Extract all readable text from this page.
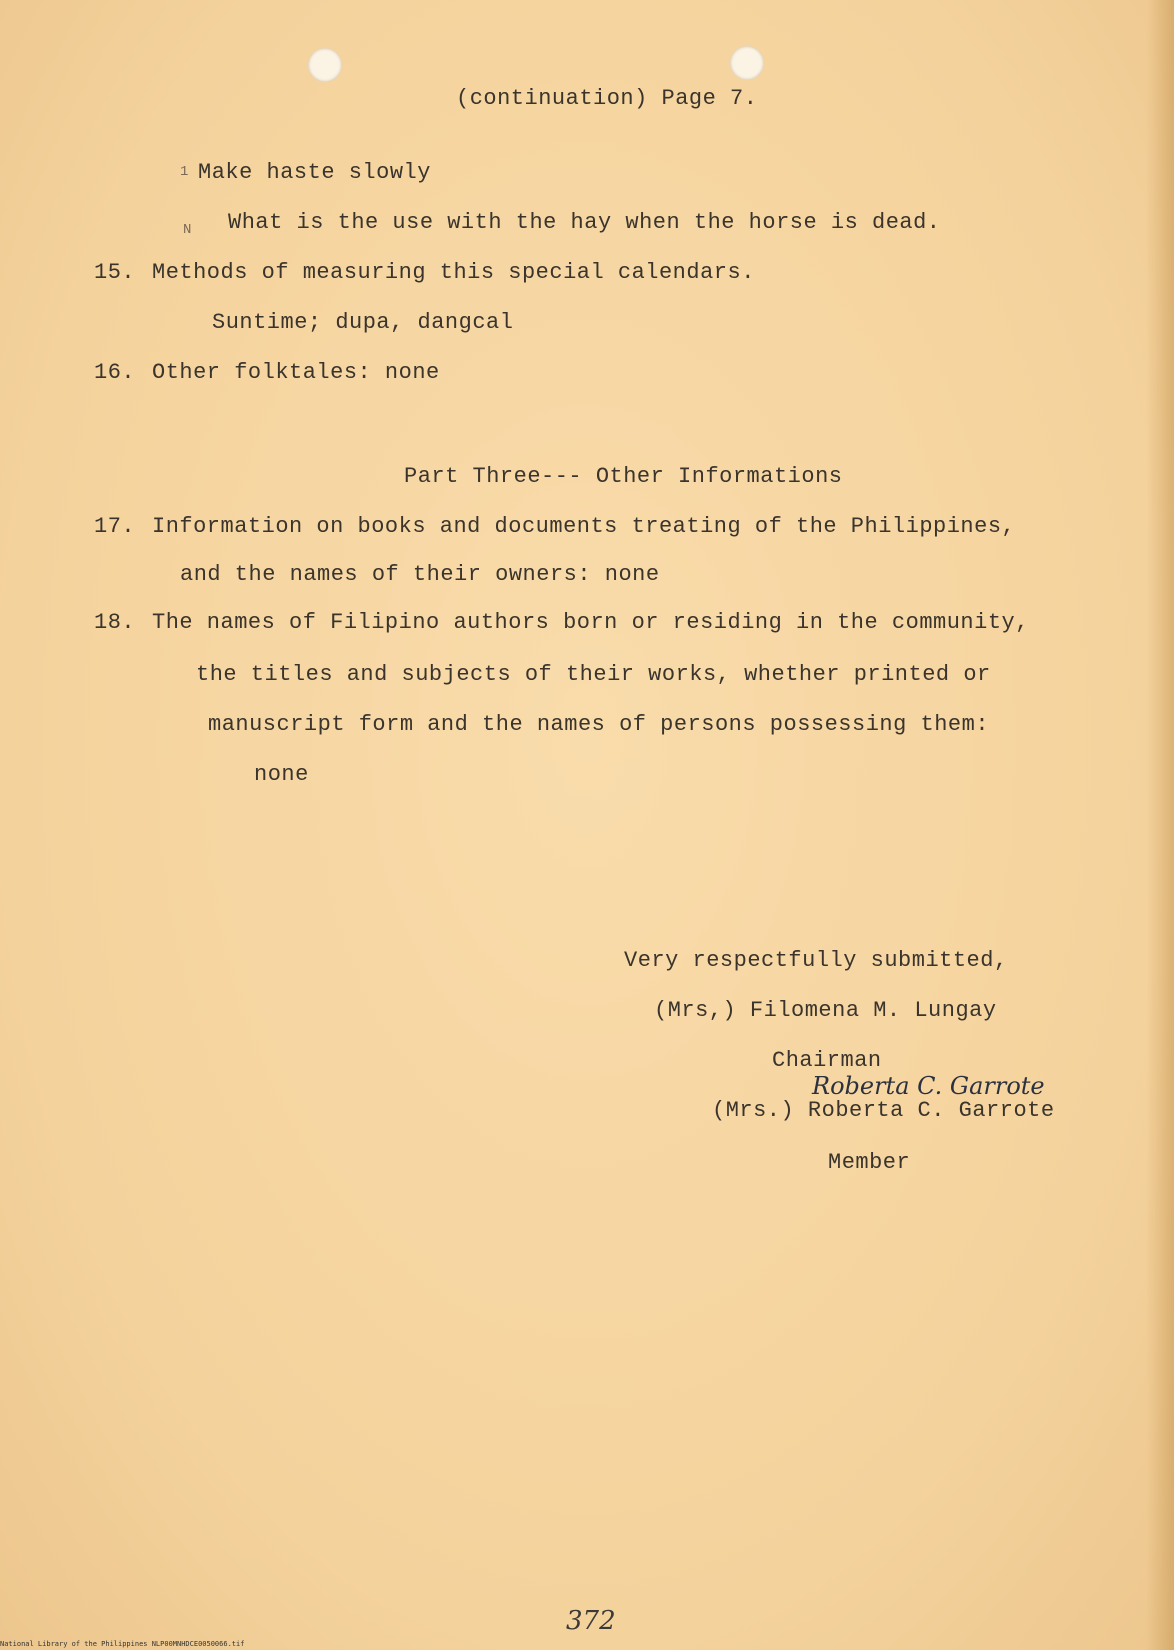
(continuation) Page 7.
1 Make haste slowly
N What is the use with the hay when the horse is dead.
15. Methods of measuring this special calendars.
Suntime; dupa, dangcal
16. Other folktales: none
Part Three--- Other Informations
17. Information on books and documents treating of the Philippines,
and the names of their owners: none
18. The names of Filipino authors born or residing in the community,
the titles and subjects of their works, whether printed or
manuscript form and the names of persons possessing them:
none
Very respectfully submitted,
(Mrs,) Filomena M. Lungay
Chairman
Roberta C. Garrote
(Mrs.) Roberta C. Garrote
Member
372
National Library of the Philippines NLP00MNHDCE0050066.tif
